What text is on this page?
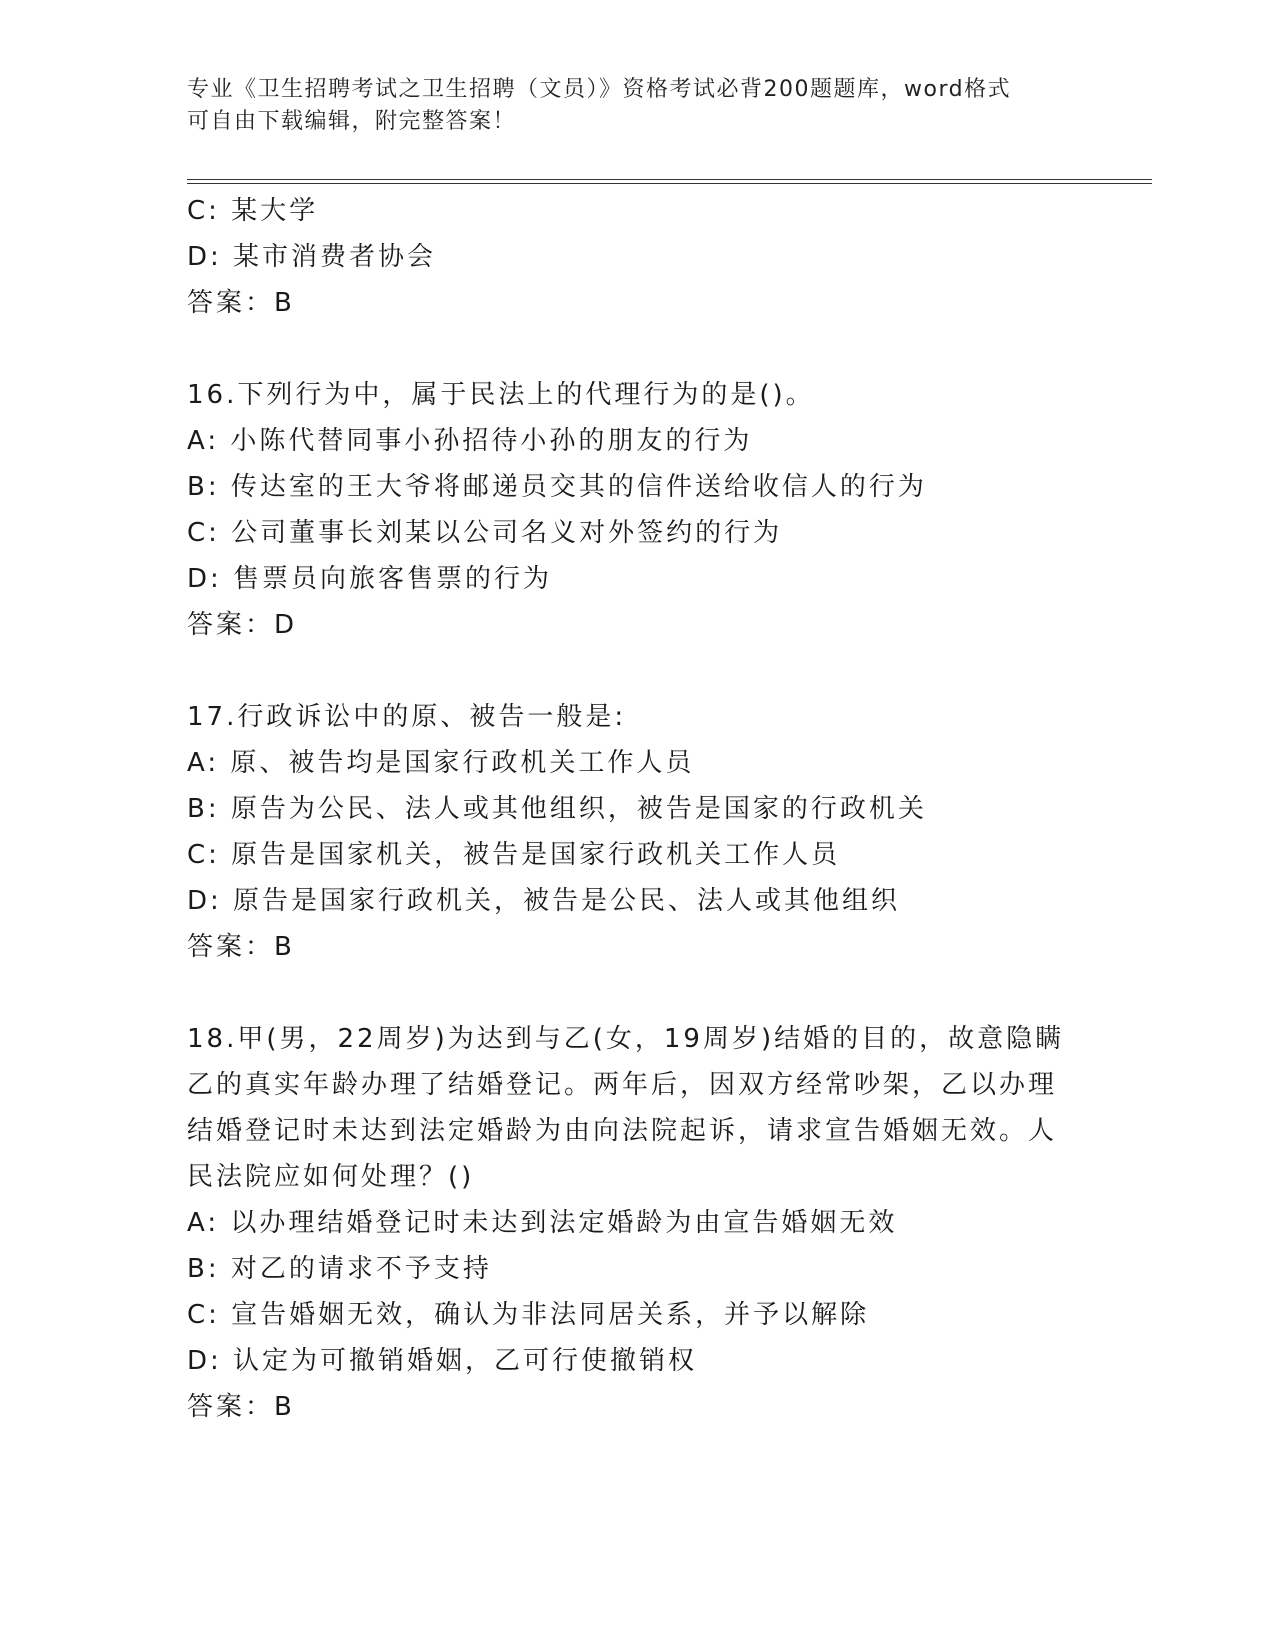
专业《卫生招聘考试之卫生招聘（文员）》资格考试必背200题题库，word格式
可自由下载编辑，附完整答案！
C: 某大学
D: 某市消费者协会
答案：B
16.下列行为中，属于民法上的代理行为的是()。
A: 小陈代替同事小孙招待小孙的朋友的行为
B: 传达室的王大爷将邮递员交其的信件送给收信人的行为
C: 公司董事长刘某以公司名义对外签约的行为
D: 售票员向旅客售票的行为
答案：D
17.行政诉讼中的原、被告一般是:
A: 原、被告均是国家行政机关工作人员
B: 原告为公民、法人或其他组织，被告是国家的行政机关
C: 原告是国家机关，被告是国家行政机关工作人员
D: 原告是国家行政机关，被告是公民、法人或其他组织
答案：B
18.甲(男，22周岁)为达到与乙(女，19周岁)结婚的目的，故意隐瞒
乙的真实年龄办理了结婚登记。两年后，因双方经常吵架，乙以办理
结婚登记时未达到法定婚龄为由向法院起诉，请求宣告婚姻无效。人
民法院应如何处理？()
A: 以办理结婚登记时未达到法定婚龄为由宣告婚姻无效
B: 对乙的请求不予支持
C: 宣告婚姻无效，确认为非法同居关系，并予以解除
D: 认定为可撤销婚姻，乙可行使撤销权
答案：B
